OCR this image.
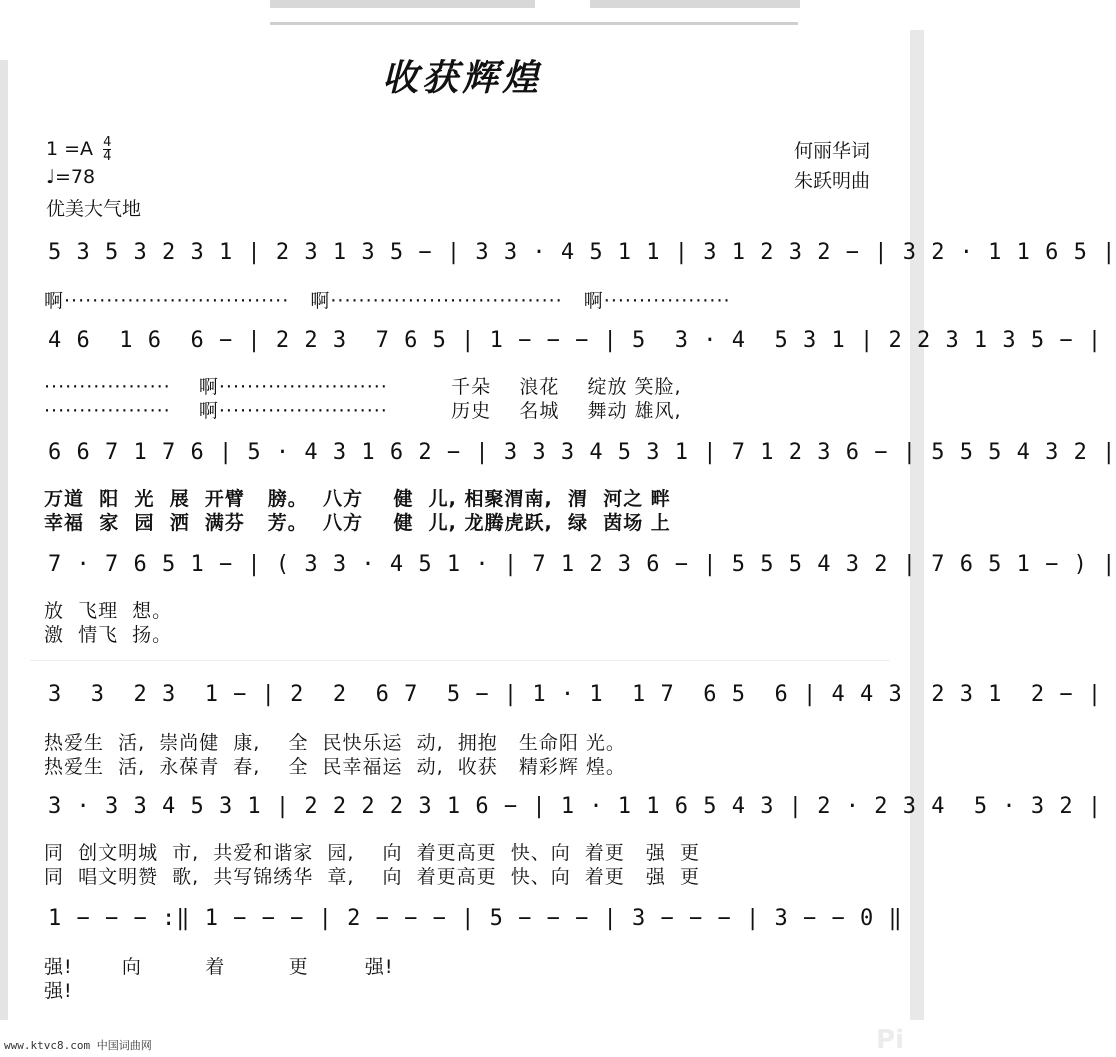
收获辉煌
$1 =A \frac{4}{4}$
♩=78
优美大气地
何丽华词
朱跃明曲
5 3 5 3 2 3 1 | 2 3 1 3 5 − | 3 3 · 4 5 1 1 | 3 1 2 3 2 − | 3 2 · 1 1 6 5 |
啊································   啊·································   啊··················
4 6  1 6  6 − | 2 2 3  7 6 5 | 1 − − − | 5  3 · 4  5 3 1 | 2 2 3 1 3 5 − |
··················    啊························         千朵    浪花    绽放 笑脸,
··················    啊························         历史    名城    舞动 雄风,
6 6 7 1 7 6 | 5 · 4 3 1 6 2 − | 3 3 3 4 5 3 1 | 7 1 2 3 6 − | 5 5 5 4 3 2 |
万道  阳  光  展  开臂   膀。  八方    健  儿, 相聚渭南,  渭  河之 畔
幸福  家  园  洒  满芬   芳。  八方    健  儿, 龙腾虎跃,  绿  茵场 上
7 · 7 6 5 1 − | ( 3 3 · 4 5 1 · | 7 1 2 3 6 − | 5 5 5 4 3 2 | 7 6 5 1 − ) |
放  飞理  想。
激  情飞  扬。
3  3  2 3  1 − | 2  2  6 7  5 − | 1 · 1  1 7  6 5  6 | 4 4 3  2 3 1  2 − |
热爱生  活,  崇尚健  康,    全  民快乐运  动,  拥抱   生命阳 光。
热爱生  活,  永葆青  春,    全  民幸福运  动,  收获   精彩辉 煌。
3 · 3 3 4 5 3 1 | 2 2 2 2 3 1 6 − | 1 · 1 1 6 5 4 3 | 2 · 2 3 4  5 · 3 2 |
同  创文明城  市,  共爱和谐家  园,    向  着更高更  快、向  着更   强  更
同  唱文明赞  歌,  共写锦绣华  章,    向  着更高更  快、向  着更   强  更
1 − − − :‖ 1 − − − | 2 − − − | 5 − − − | 3 − − − | 3 − − 0 ‖
强!       向         着         更        强!
强!
www.ktvc8.com 中国词曲网	Pi
